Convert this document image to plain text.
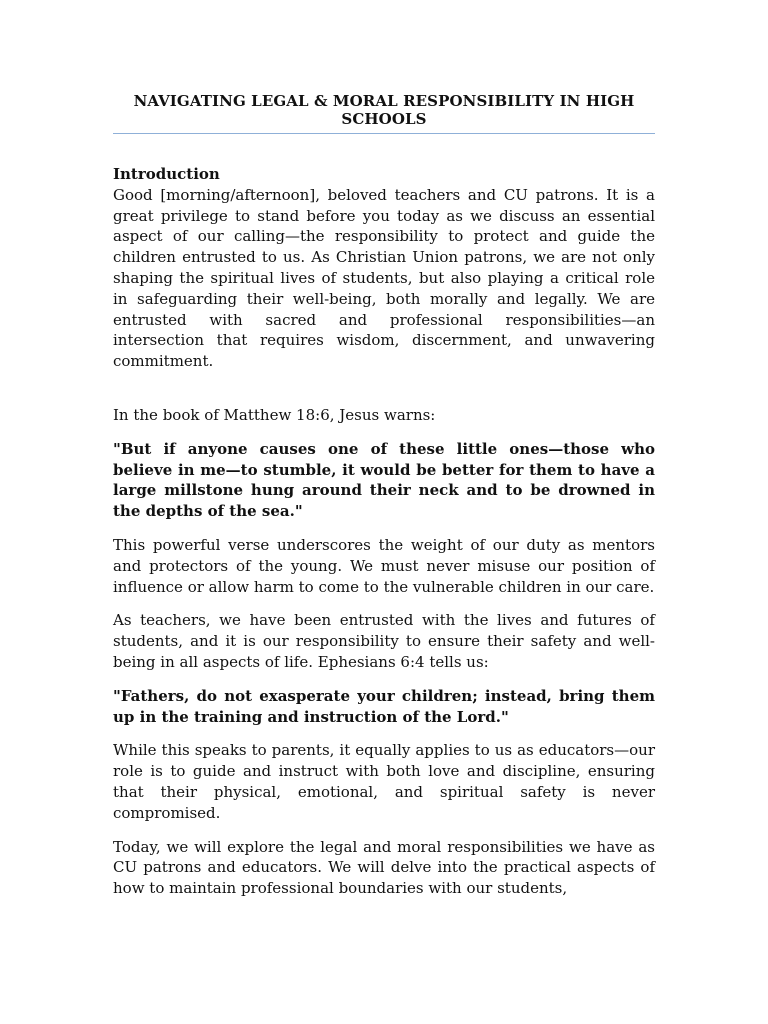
NAVIGATING LEGAL & MORAL RESPONSIBILITY IN HIGH SCHOOLS
Introduction

Good [morning/afternoon], beloved teachers and CU patrons. It is a great privilege to stand before you today as we discuss an essential aspect of our calling—the responsibility to protect and guide the children entrusted to us. As Christian Union patrons, we are not only shaping the spiritual lives of students, but also playing a critical role in safeguarding their well-being, both morally and legally. We are entrusted with sacred and professional responsibilities—an intersection that requires wisdom, discernment, and unwavering commitment.

In the book of Matthew 18:6, Jesus warns:

"But if anyone causes one of these little ones—those who believe in me—to stumble, it would be better for them to have a large millstone hung around their neck and to be drowned in the depths of the sea."

This powerful verse underscores the weight of our duty as mentors and protectors of the young. We must never misuse our position of influence or allow harm to come to the vulnerable children in our care.

As teachers, we have been entrusted with the lives and futures of students, and it is our responsibility to ensure their safety and well-being in all aspects of life. Ephesians 6:4 tells us:

"Fathers, do not exasperate your children; instead, bring them up in the training and instruction of the Lord."

While this speaks to parents, it equally applies to us as educators—our role is to guide and instruct with both love and discipline, ensuring that their physical, emotional, and spiritual safety is never compromised.

Today, we will explore the legal and moral responsibilities we have as CU patrons and educators. We will delve into the practical aspects of how to maintain professional boundaries with our students,
